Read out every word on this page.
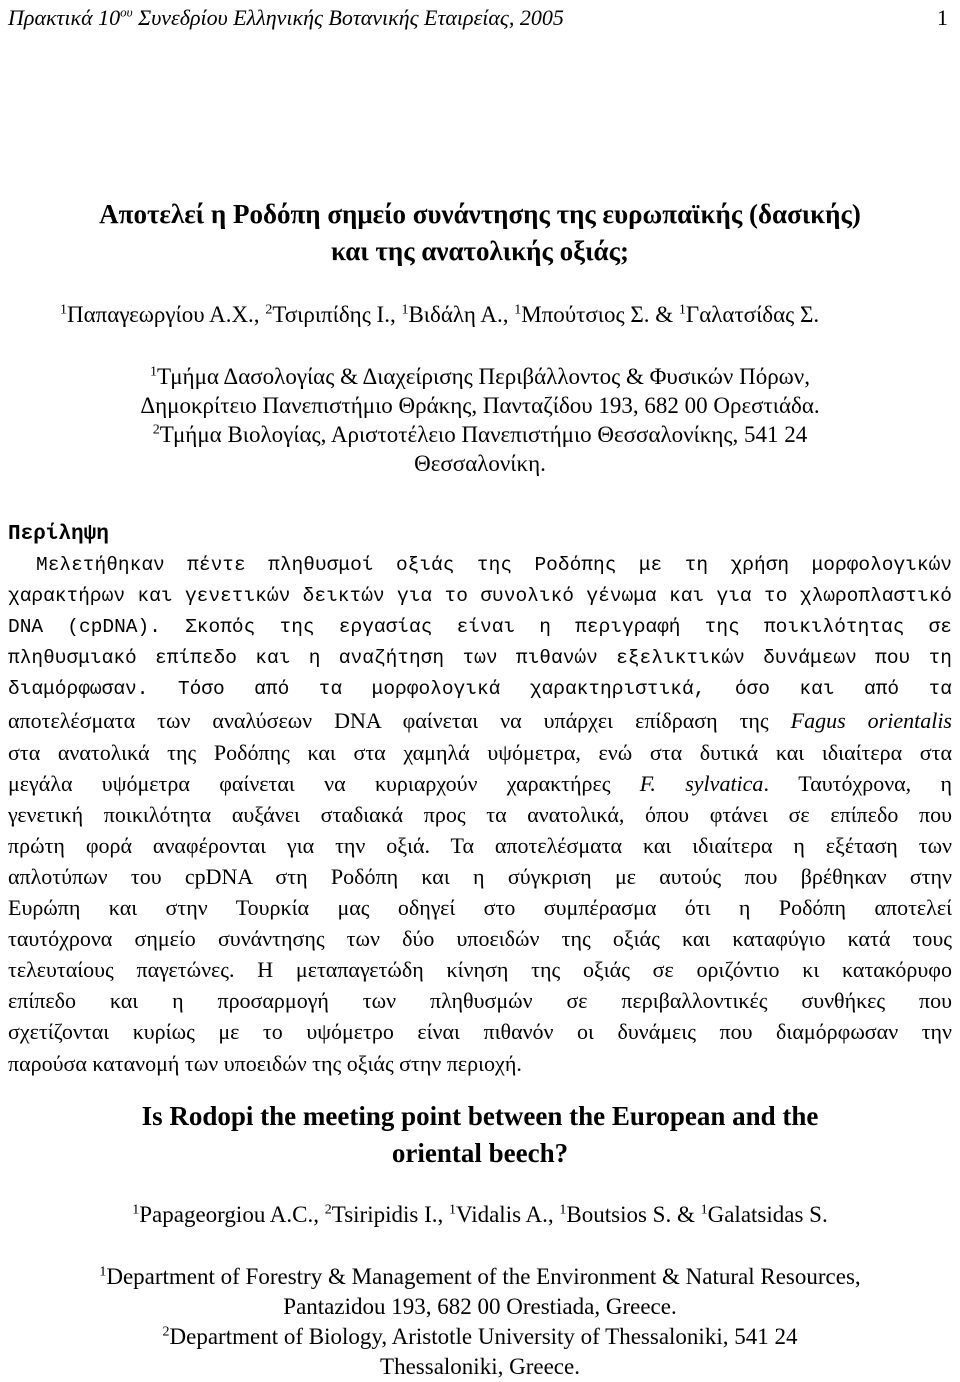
Πρακτικά $10^{o\upsilon}$ Συνεδρίου Ελληνικής Βοτανικής Εταιρείας, 2005	1
Αποτελεί η Ροδόπη σημείο συνάντησης της ευρωπαϊκής (δασικής)
και της ανατολικής οξιάς;
$^1$Παπαγεωργίου Α.Χ., $^2$Τσιριπίδης Ι., $^1$Βιδάλη Α., $^1$Μπούτσιος Σ. & $^1$Γαλατσίδας Σ.
$^1$Τμήμα Δασολογίας & Διαχείρισης Περιβάλλοντος & Φυσικών Πόρων,
Δημοκρίτειο Πανεπιστήμιο Θράκης, Πανταζίδου 193, 682 00 Ορεστιάδα.
$^2$Τμήμα Βιολογίας, Αριστοτέλειο Πανεπιστήμιο Θεσσαλονίκης, 541 24
Θεσσαλονίκη.
Περίληψη
Μελετήθηκαν πέντε πληθυσμοί οξιάς της Ροδόπης με τη χρήση μορφολογικών
χαρακτήρων και γενετικών δεικτών για το συνολικό γένωμα και για το χλωροπλαστικό
DNA (cpDNA). Σκοπός της εργασίας είναι η περιγραφή της ποικιλότητας σε
πληθυσμιακό επίπεδο και η αναζήτηση των πιθανών εξελικτικών δυνάμεων που τη
διαμόρφωσαν. Τόσο από τα μορφολογικά χαρακτηριστικά, όσο και από τα
αποτελέσματα των αναλύσεων DNA φαίνεται να υπάρχει επίδραση της Fagus orientalis
στα ανατολικά της Ροδόπης και στα χαμηλά υψόμετρα, ενώ στα δυτικά και ιδιαίτερα στα
μεγάλα υψόμετρα φαίνεται να κυριαρχούν χαρακτήρες F. sylvatica. Ταυτόχρονα, η
γενετική ποικιλότητα αυξάνει σταδιακά προς τα ανατολικά, όπου φτάνει σε επίπεδο που
πρώτη φορά αναφέρονται για την οξιά. Τα αποτελέσματα και ιδιαίτερα η εξέταση των
απλοτύπων του cpDNA στη Ροδόπη και η σύγκριση με αυτούς που βρέθηκαν στην
Ευρώπη και στην Τουρκία μας οδηγεί στο συμπέρασμα ότι η Ροδόπη αποτελεί
ταυτόχρονα σημείο συνάντησης των δύο υποειδών της οξιάς και καταφύγιο κατά τους
τελευταίους παγετώνες. Η μεταπαγετώδη κίνηση της οξιάς σε οριζόντιο κι κατακόρυφο
επίπεδο και η προσαρμογή των πληθυσμών σε περιβαλλοντικές συνθήκες που
σχετίζονται κυρίως με το υψόμετρο είναι πιθανόν οι δυνάμεις που διαμόρφωσαν την
παρούσα κατανομή των υποειδών της οξιάς στην περιοχή.
Is Rodopi the meeting point between the European and the
oriental beech?
$^1$Papageorgiou A.C., $^2$Tsiripidis I., $^1$Vidalis A., $^1$Boutsios S. & $^1$Galatsidas S.
$^1$Department of Forestry & Management of the Environment & Natural Resources,
Pantazidou 193, 682 00 Orestiada, Greece.
$^2$Department of Biology, Aristotle University of Thessaloniki, 541 24
Thessaloniki, Greece.
